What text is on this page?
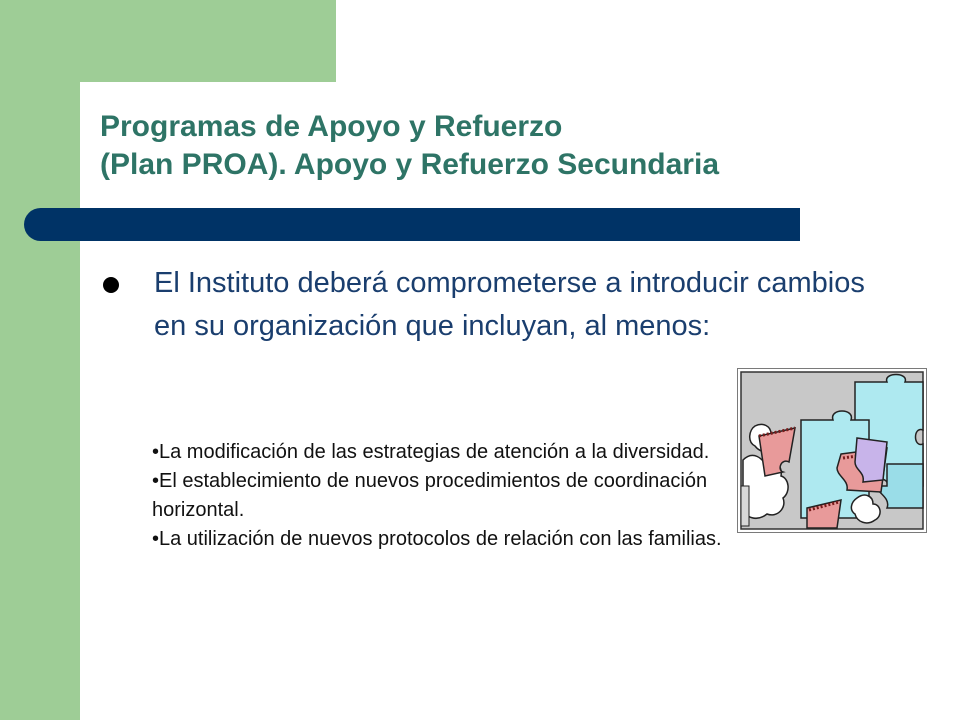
Programas de Apoyo y Refuerzo
(Plan PROA). Apoyo y Refuerzo Secundaria

El Instituto deberá comprometerse a introducir cambios en su organización que incluyan, al menos:

•La modificación de las estrategias de atención a la diversidad.
•El establecimiento de nuevos procedimientos de coordinación horizontal.
•La utilización de nuevos protocolos de relación con las familias.
